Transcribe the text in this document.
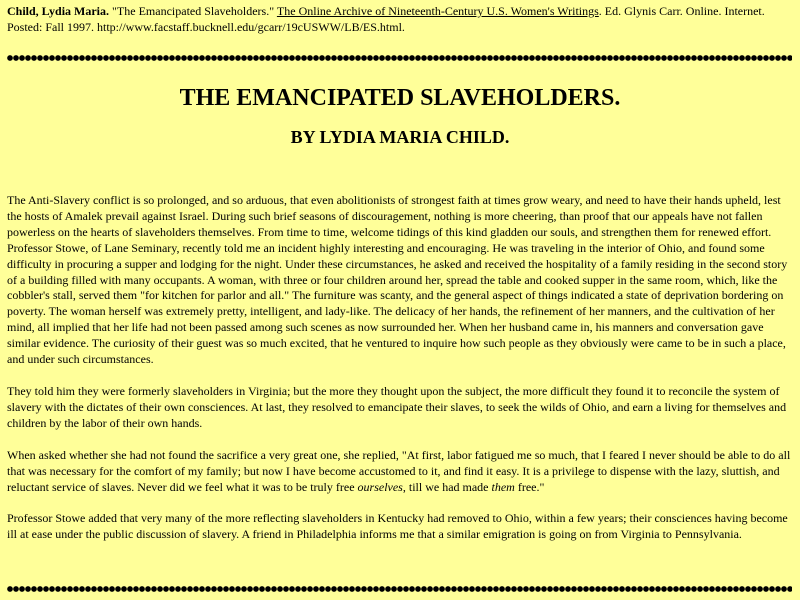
Child, Lydia Maria. "The Emancipated Slaveholders." The Online Archive of Nineteenth-Century U.S. Women's Writings. Ed. Glynis Carr. Online. Internet. Posted: Fall 1997. http://www.facstaff.bucknell.edu/gcarr/19cUSWW/LB/ES.html.
THE EMANCIPATED SLAVEHOLDERS.
BY LYDIA MARIA CHILD.

The Anti-Slavery conflict is so prolonged, and so arduous, that even abolitionists of strongest faith at times grow weary, and need to have their hands upheld, lest the hosts of Amalek prevail against Israel. During such brief seasons of discouragement, nothing is more cheering, than proof that our appeals have not fallen powerless on the hearts of slaveholders themselves. From time to time, welcome tidings of this kind gladden our souls, and strengthen them for renewed effort. Professor Stowe, of Lane Seminary, recently told me an incident highly interesting and encouraging. He was traveling in the interior of Ohio, and found some difficulty in procuring a supper and lodging for the night. Under these circumstances, he asked and received the hospitality of a family residing in the second story of a building filled with many occupants. A woman, with three or four children around her, spread the table and cooked supper in the same room, which, like the cobbler's stall, served them "for kitchen for parlor and all." The furniture was scanty, and the general aspect of things indicated a state of deprivation bordering on poverty. The woman herself was extremely pretty, intelligent, and lady-like. The delicacy of her hands, the refinement of her manners, and the cultivation of her mind, all implied that her life had not been passed among such scenes as now surrounded her. When her husband came in, his manners and conversation gave similar evidence. The curiosity of their guest was so much excited, that he ventured to inquire how such people as they obviously were came to be in such a place, and under such circumstances.

They told him they were formerly slaveholders in Virginia; but the more they thought upon the subject, the more difficult they found it to reconcile the system of slavery with the dictates of their own consciences. At last, they resolved to emancipate their slaves, to seek the wilds of Ohio, and earn a living for themselves and children by the labor of their own hands.

When asked whether she had not found the sacrifice a very great one, she replied, "At first, labor fatigued me so much, that I feared I never should be able to do all that was necessary for the comfort of my family; but now I have become accustomed to it, and find it easy. It is a privilege to dispense with the lazy, sluttish, and reluctant service of slaves. Never did we feel what it was to be truly free ourselves, till we had made them free."

Professor Stowe added that very many of the more reflecting slaveholders in Kentucky had removed to Ohio, within a few years; their consciences having become ill at ease under the public discussion of slavery. A friend in Philadelphia informs me that a similar emigration is going on from Virginia to Pennsylvania.
